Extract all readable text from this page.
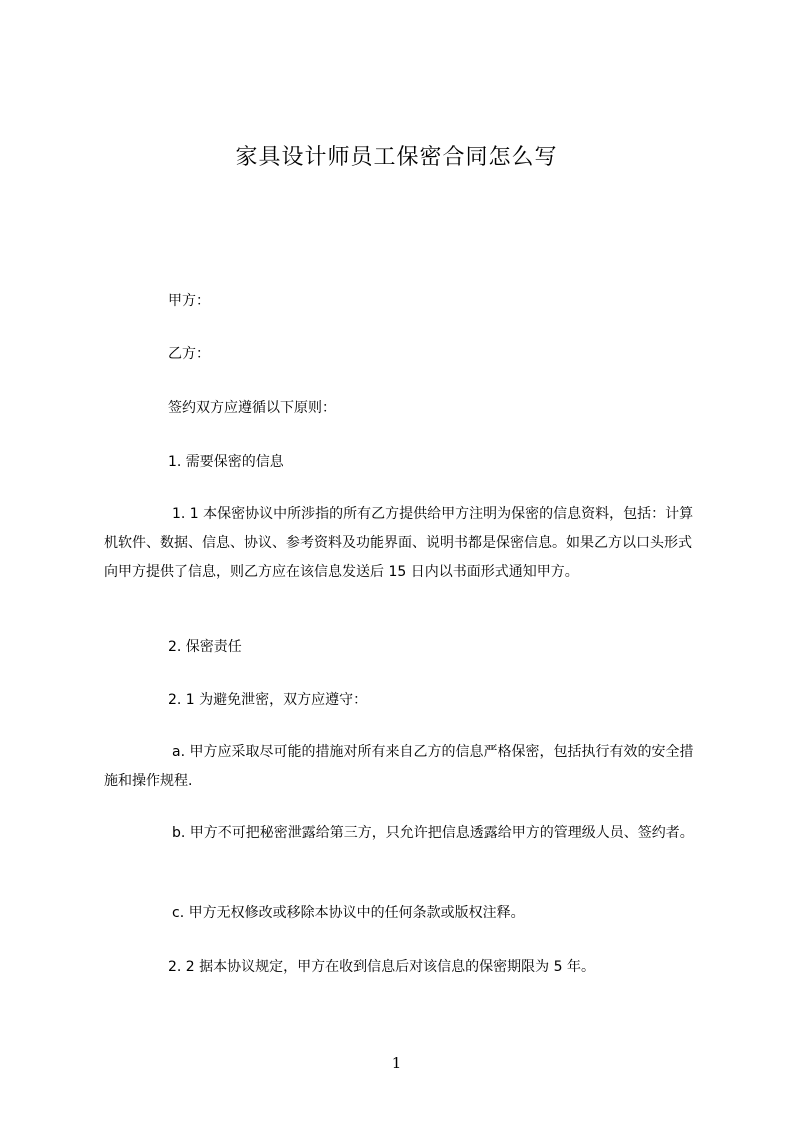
家具设计师员工保密合同怎么写

甲方：

乙方：

签约双方应遵循以下原则：

1. 需要保密的信息

1. 1 本保密协议中所涉指的所有乙方提供给甲方注明为保密的信息资料，包括：计算机软件、数据、信息、协议、参考资料及功能界面、说明书都是保密信息。如果乙方以口头形式向甲方提供了信息，则乙方应在该信息发送后 15 日内以书面形式通知甲方。

2. 保密责任

2. 1 为避免泄密，双方应遵守：

a. 甲方应采取尽可能的措施对所有来自乙方的信息严格保密，包括执行有效的安全措施和操作规程.

b. 甲方不可把秘密泄露给第三方，只允许把信息透露给甲方的管理级人员、签约者。

c. 甲方无权修改或移除本协议中的任何条款或版权注释。

2. 2 据本协议规定，甲方在收到信息后对该信息的保密期限为 5 年。

1
